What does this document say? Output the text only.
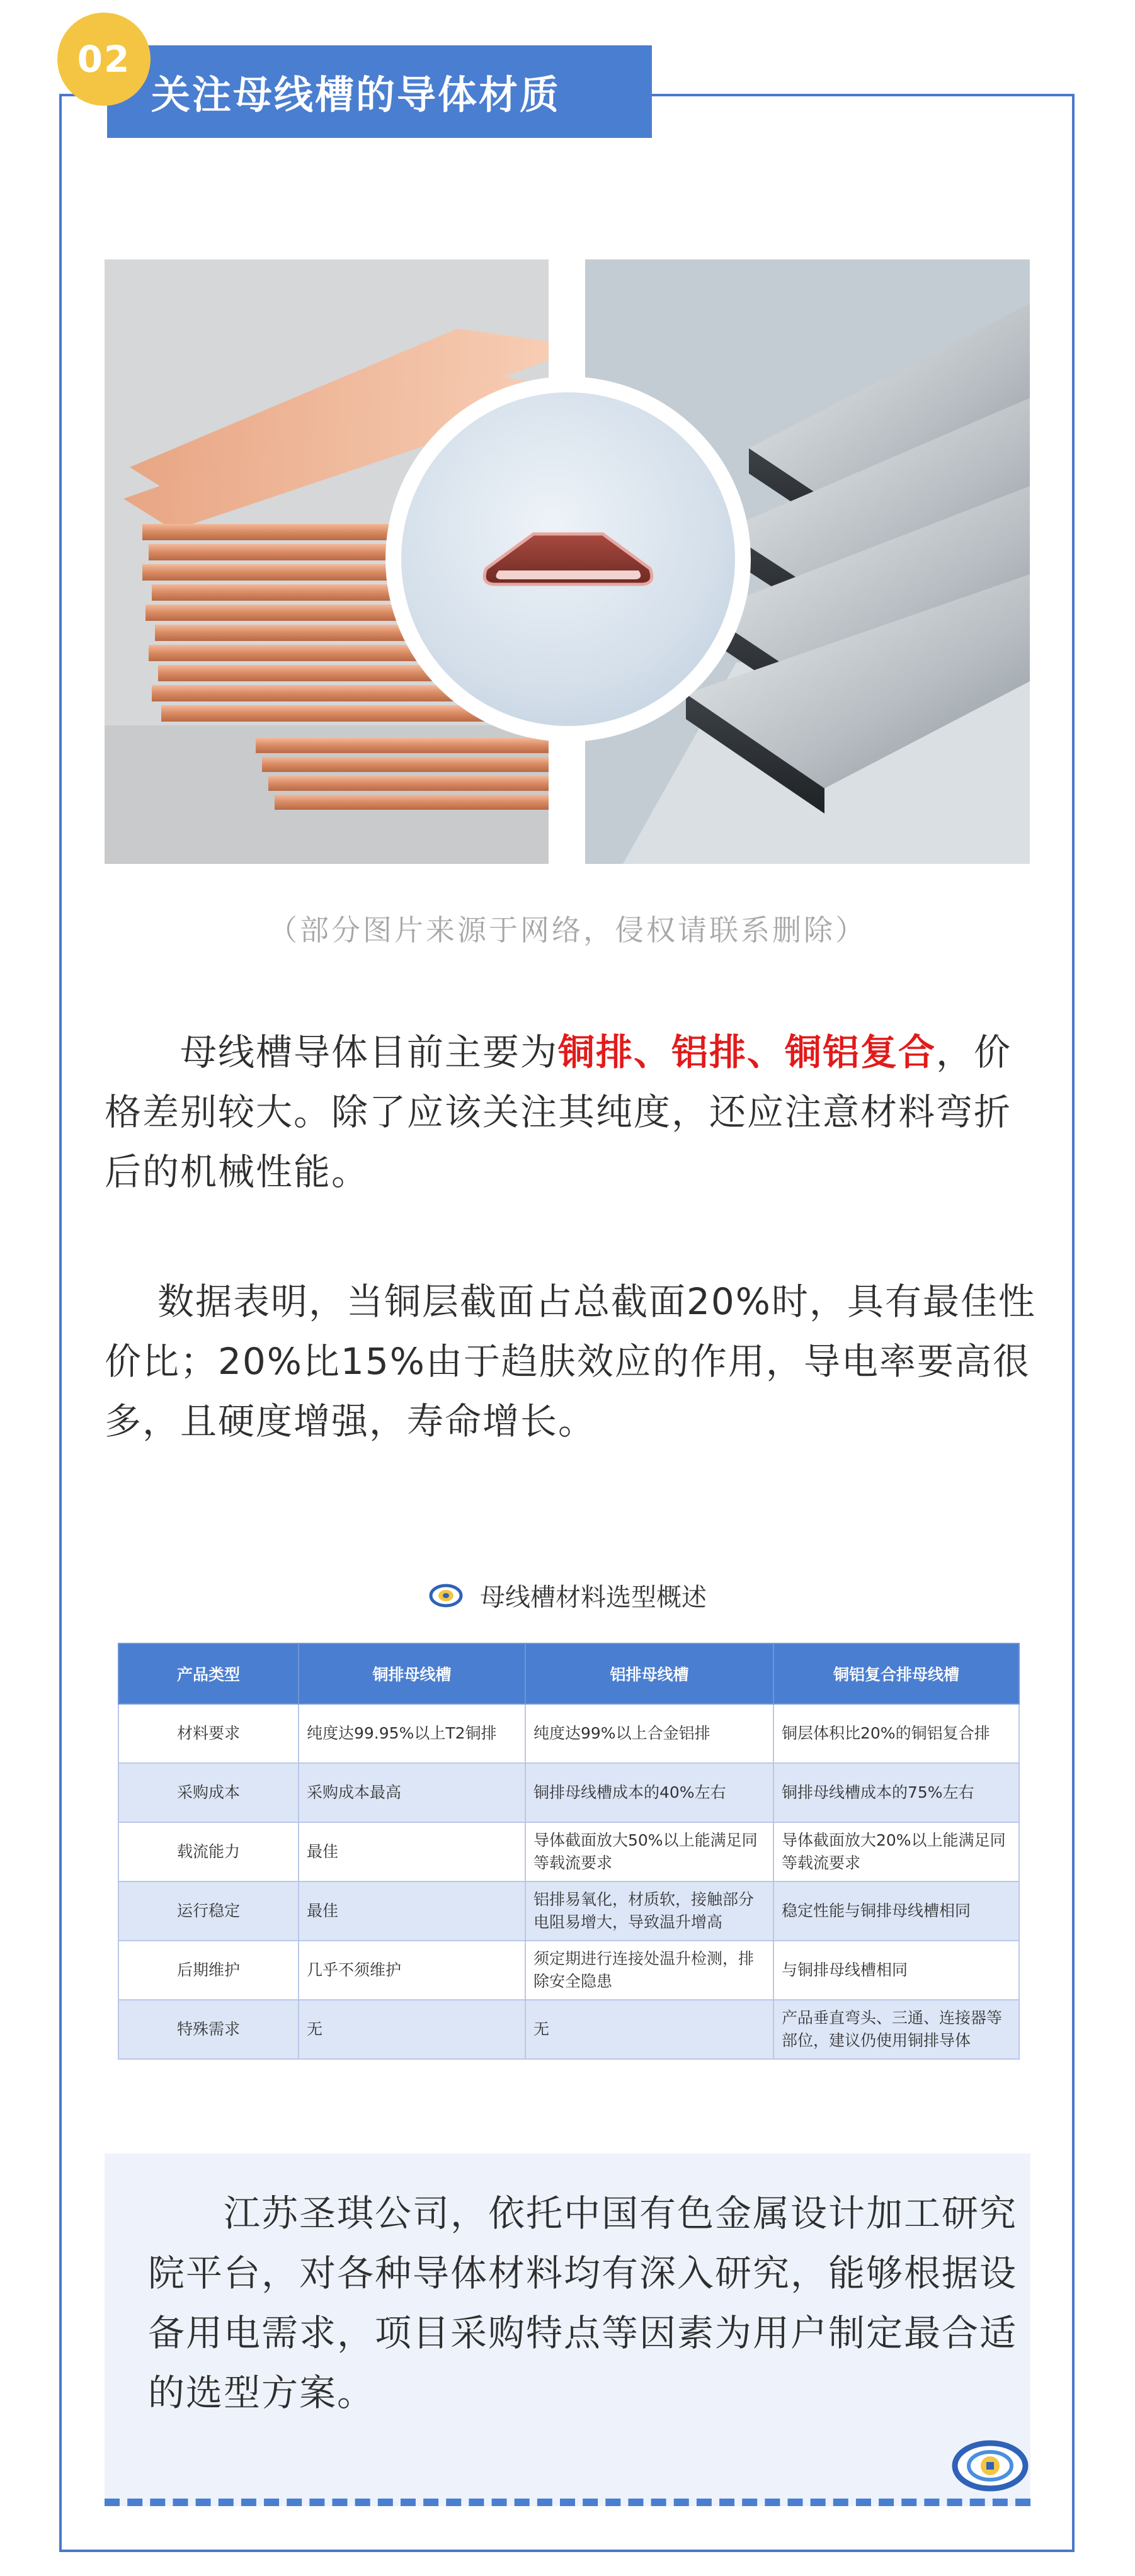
02
关注母线槽的导体材质
（部分图片来源于网络，侵权请联系删除）
母线槽导体目前主要为铜排、铝排、铜铝复合，价格差别较大。除了应该关注其纯度，还应注意材料弯折后的机械性能。
数据表明，当铜层截面占总截面20%时，具有最佳性价比；20%比15%由于趋肤效应的作用，导电率要高很多，且硬度增强，寿命增长。
母线槽材料选型概述
产品类型	铜排母线槽	铝排母线槽	铜铝复合排母线槽
材料要求	纯度达99.95%以上T2铜排	纯度达99%以上合金铝排	铜层体积比20%的铜铝复合排
采购成本	采购成本最高	铜排母线槽成本的40%左右	铜排母线槽成本的75%左右
载流能力	最佳	导体截面放大50%以上能满足同等载流要求	导体截面放大20%以上能满足同等载流要求
运行稳定	最佳	铝排易氧化，材质软，接触部分电阻易增大，导致温升增高	稳定性能与铜排母线槽相同
后期维护	几乎不须维护	须定期进行连接处温升检测，排除安全隐患	与铜排母线槽相同
特殊需求	无	无	产品垂直弯头、三通、连接器等部位，建议仍使用铜排导体
江苏圣琪公司，依托中国有色金属设计加工研究院平台，对各种导体材料均有深入研究，能够根据设备用电需求，项目采购特点等因素为用户制定最合适的选型方案。
